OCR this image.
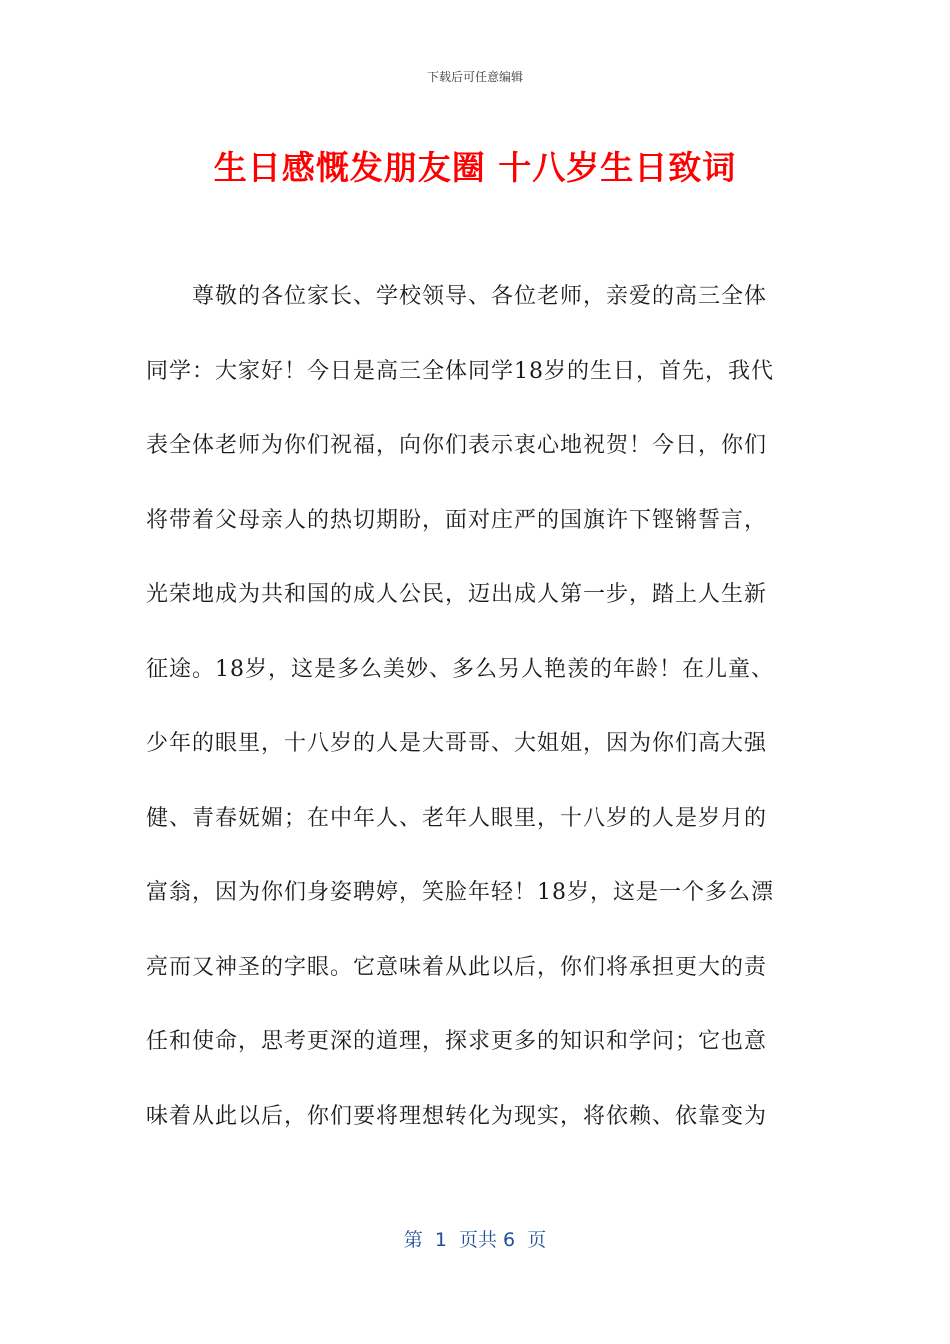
下载后可任意编辑
生日感慨发朋友圈 十八岁生日致词
尊敬的各位家长、学校领导、各位老师，亲爱的高三全体
同学：大家好！今日是高三全体同学18岁的生日，首先，我代
表全体老师为你们祝福，向你们表示衷心地祝贺！今日，你们
将带着父母亲人的热切期盼，面对庄严的国旗许下铿锵誓言，
光荣地成为共和国的成人公民，迈出成人第一步，踏上人生新
征途。18岁，这是多么美妙、多么另人艳羡的年龄！在儿童、
少年的眼里，十八岁的人是大哥哥、大姐姐，因为你们高大强
健、青春妩媚；在中年人、老年人眼里，十八岁的人是岁月的
富翁，因为你们身姿聘婷，笑脸年轻！18岁，这是一个多么漂
亮而又神圣的字眼。它意味着从此以后，你们将承担更大的责
任和使命，思考更深的道理，探求更多的知识和学问；它也意
味着从此以后，你们要将理想转化为现实，将依赖、依靠变为
第  1  页共 6  页
